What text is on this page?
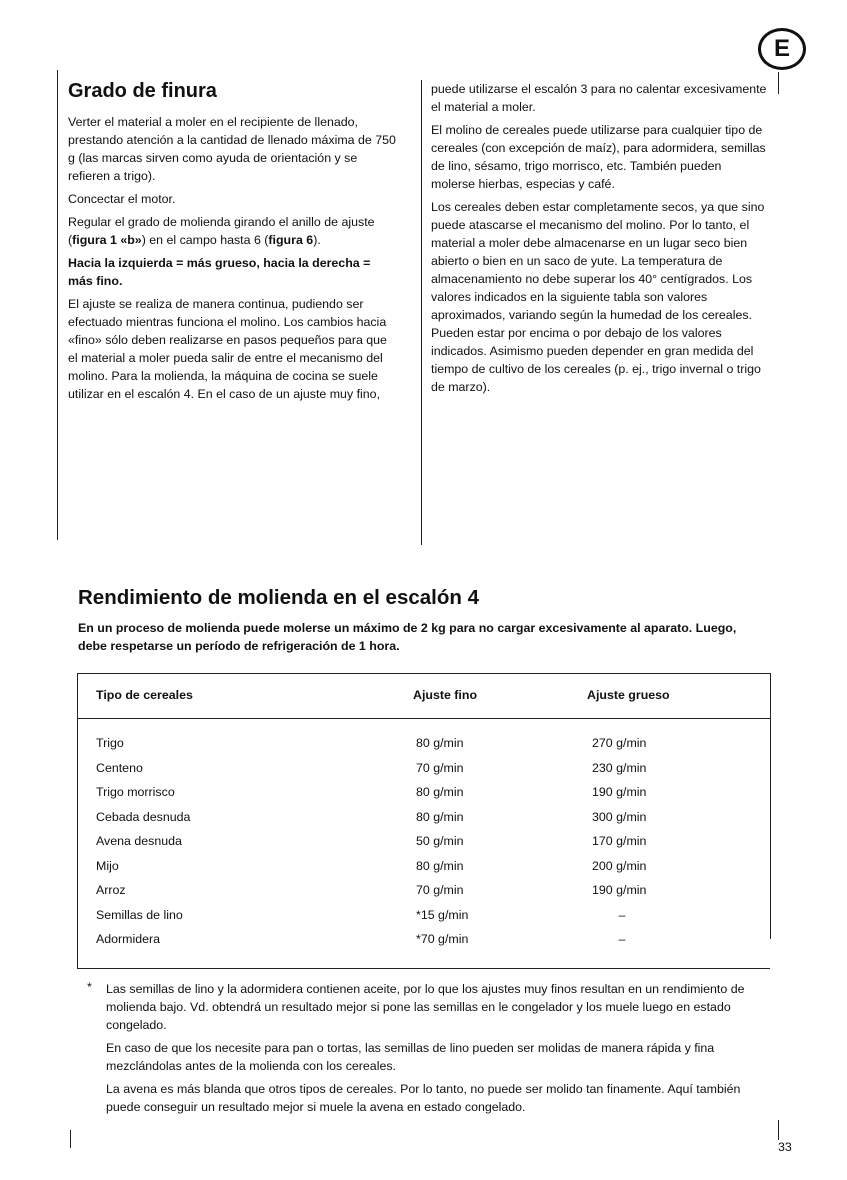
E
Grado de finura

Verter el material a moler en el recipiente de llenado, prestando atención a la cantidad de llenado máxima de 750 g (las marcas sirven como ayuda de orientación y se refieren a trigo).

Concectar el motor.

Regular el grado de molienda girando el anillo de ajuste (figura 1 «b») en el campo hasta 6 (figura 6).

Hacia la izquierda = más grueso, hacia la derecha = más fino.

El ajuste se realiza de manera continua, pudiendo ser efectuado mientras funciona el molino. Los cambios hacia «fino» sólo deben realizarse en pasos pequeños para que el material a moler pueda salir de entre el mecanismo del molino. Para la molienda, la máquina de cocina se suele utilizar en el escalón 4. En el caso de un ajuste muy fino,

puede utilizarse el escalón 3 para no calentar excesivamente el material a moler.

El molino de cereales puede utilizarse para cualquier tipo de cereales (con excepción de maíz), para adormidera, semillas de lino, sésamo, trigo morrisco, etc. También pueden molerse hierbas, especias y café.

Los cereales deben estar completamente secos, ya que sino puede atascarse el mecanismo del molino. Por lo tanto, el material a moler debe almacenarse en un lugar seco bien abierto o bien en un saco de yute. La temperatura de almacenamiento no debe superar los 40° centígrados. Los valores indicados en la siguiente tabla son valores aproximados, variando según la humedad de los cereales. Pueden estar por encima o por debajo de los valores indicados. Asimismo pueden depender en gran medida del tiempo de cultivo de los cereales (p. ej., trigo invernal o trigo de marzo).

Rendimiento de molienda en el escalón 4

En un proceso de molienda puede molerse un máximo de 2 kg para no cargar excesivamente al aparato. Luego, debe respetarse un período de refrigeración de 1 hora.

Tipo de cereales	Ajuste fino	Ajuste grueso
Trigo	80 g/min	270 g/min
Centeno	70 g/min	230 g/min
Trigo morrisco	80 g/min	190 g/min
Cebada desnuda	80 g/min	300 g/min
Avena desnuda	50 g/min	170 g/min
Mijo	80 g/min	200 g/min
Arroz	70 g/min	190 g/min
Semillas de lino	*15 g/min	–
Adormidera	*70 g/min	–
* Las semillas de lino y la adormidera contienen aceite, por lo que los ajustes muy finos resultan en un rendimiento de molienda bajo. Vd. obtendrá un resultado mejor si pone las semillas en le congelador y los muele luego en estado congelado.

En caso de que los necesite para pan o tortas, las semillas de lino pueden ser molidas de manera rápida y fina mezclándolas antes de la molienda con los cereales.

La avena es más blanda que otros tipos de cereales. Por lo tanto, no puede ser molido tan finamente. Aquí también puede conseguir un resultado mejor si muele la avena en estado congelado.

33
